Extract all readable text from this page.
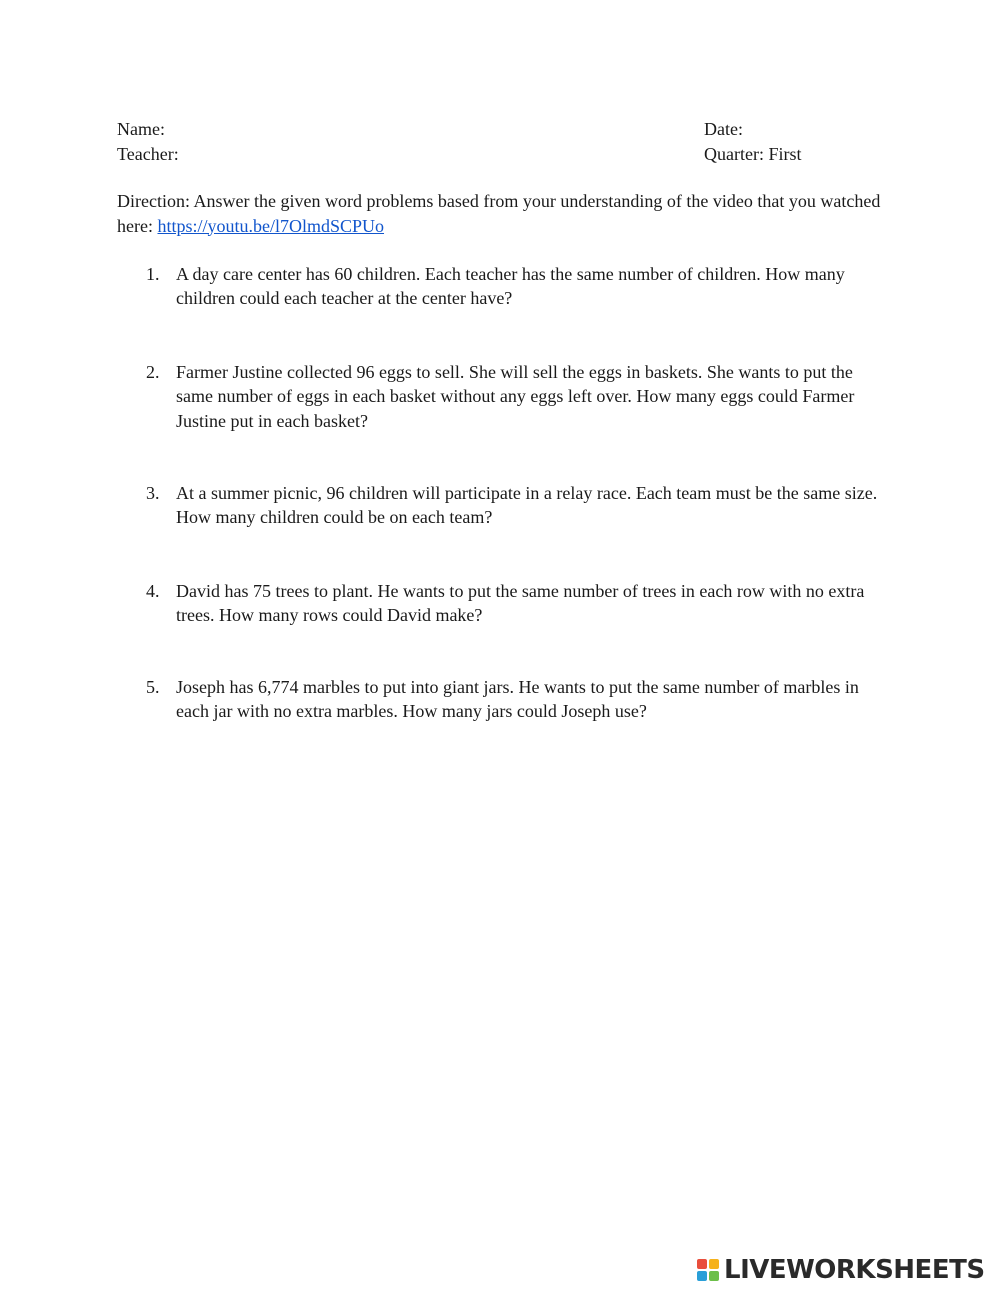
Name:
Teacher:
Date:
Quarter: First
Direction: Answer the given word problems based from your understanding of the video that you watched here: https://youtu.be/l7OlmdSCPUo
1. A day care center has 60 children. Each teacher has the same number of children. How many children could each teacher at the center have?
2. Farmer Justine collected 96 eggs to sell. She will sell the eggs in baskets. She wants to put the same number of eggs in each basket without any eggs left over. How many eggs could Farmer Justine put in each basket?
3. At a summer picnic, 96 children will participate in a relay race. Each team must be the same size. How many children could be on each team?
4. David has 75 trees to plant. He wants to put the same number of trees in each row with no extra trees. How many rows could David make?
5. Joseph has 6,774 marbles to put into giant jars. He wants to put the same number of marbles in each jar with no extra marbles. How many jars could Joseph use?
LIVEWORKSHEETS
